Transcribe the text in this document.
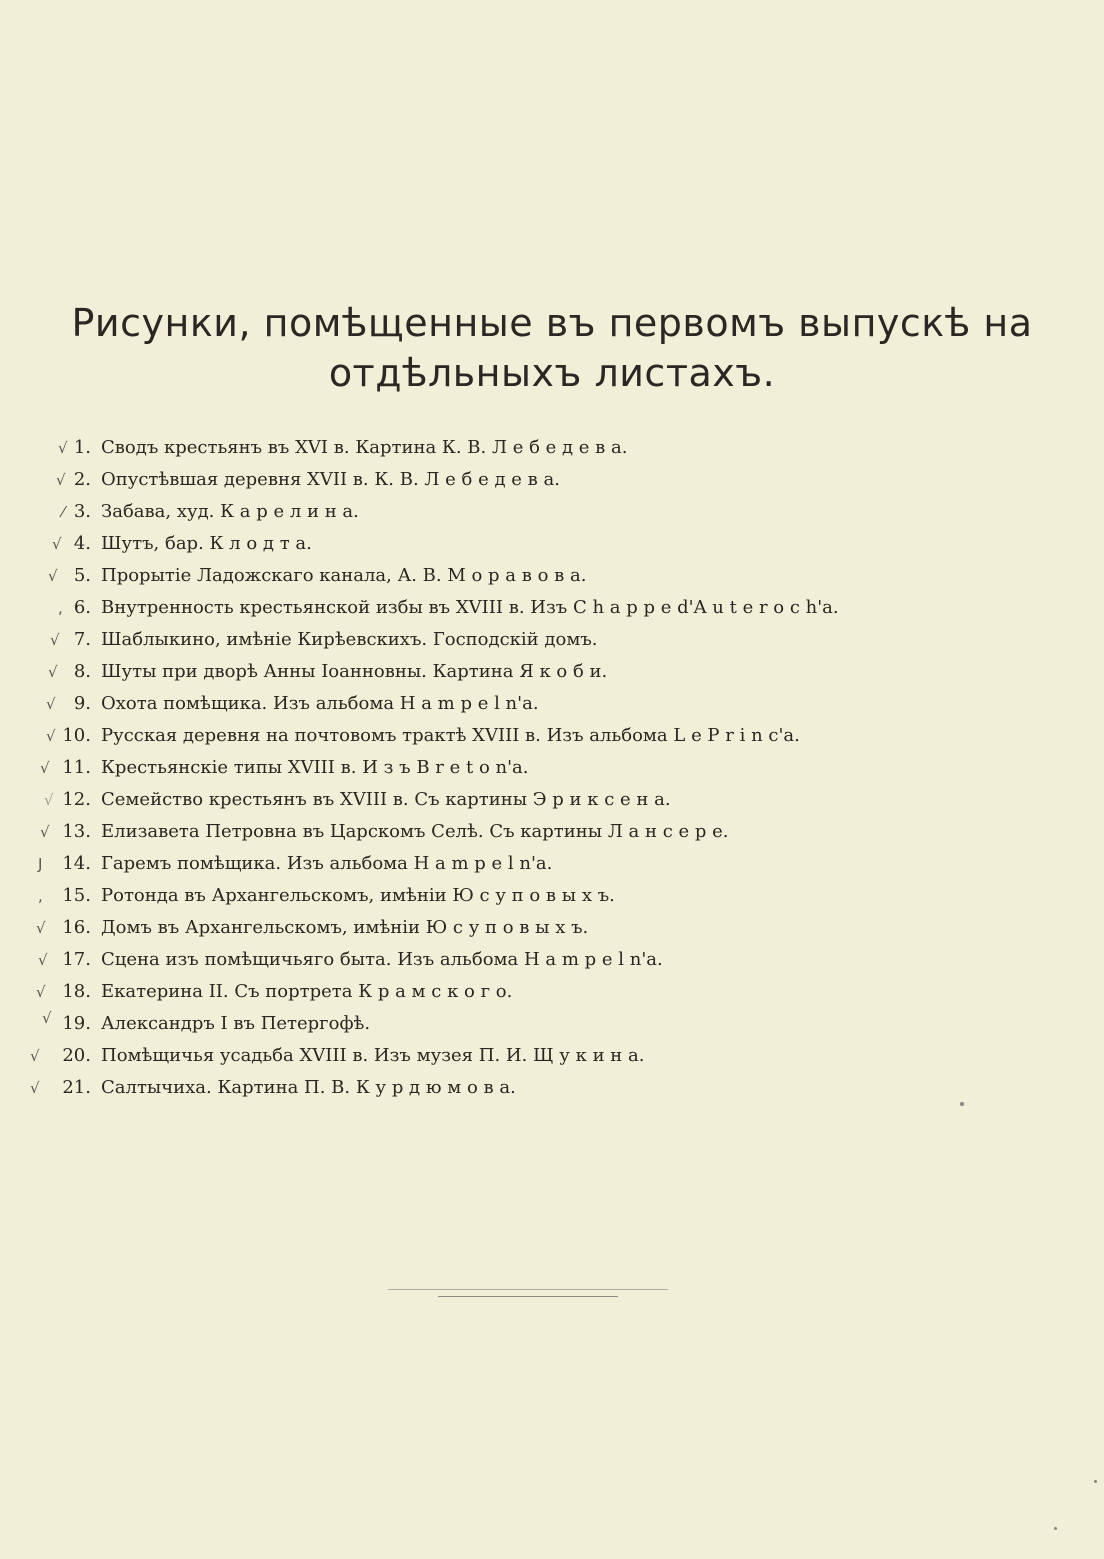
Рисунки, помѣщенные въ первомъ выпускѣ на
отдѣльныхъ листахъ.
√ 1. Сводъ крестьянъ въ XVI в. Картина К. В. Л е б е д е в а.
√ 2. Опустѣвшая деревня XVII в. К. В. Л е б е д е в а.
⁄ 3. Забава, худ. К а р е л и н а.
√ 4. Шутъ, бар. К л о д т а.
√ 5. Прорытіе Ладожскаго канала, А. В. М о р а в о в а.
, 6. Внутренность крестьянской избы въ XVIII в. Изъ C h a p p e d'A u t e r o c h'a.
√ 7. Шаблыкино, имѣніе Кирѣевскихъ. Господскій домъ.
√ 8. Шуты при дворѣ Анны Іоанновны. Картина Я к о б и.
√ 9. Охота помѣщика. Изъ альбома H a m p e l n'a.
√ 10. Русская деревня на почтовомъ трактѣ XVIII в. Изъ альбома L e P r i n c'a.
√ 11. Крестьянскіе типы XVIII в. И з ъ B r e t o n'a.
√ 12. Семейство крестьянъ въ XVIII в. Съ картины Э р и к с е н а.
√ 13. Елизавета Петровна въ Царскомъ Селѣ. Съ картины Л а н с е р е.
J 14. Гаремъ помѣщика. Изъ альбома H a m p e l n'a.
, 15. Ротонда въ Архангельскомъ, имѣніи Ю с у п о в ы х ъ.
√ 16. Домъ въ Архангельскомъ, имѣніи Ю с у п о в ы х ъ.
√ 17. Сцена изъ помѣщичьяго быта. Изъ альбома H a m p e l n'a.
√ 18. Екатерина II. Съ портрета К р а м с к о г о.
√ 19. Александръ I въ Петергофѣ.
√ 20. Помѣщичья усадьба XVIII в. Изъ музея П. И. Щ у к и н а.
√ 21. Салтычиха. Картина П. В. К у р д ю м о в а.
